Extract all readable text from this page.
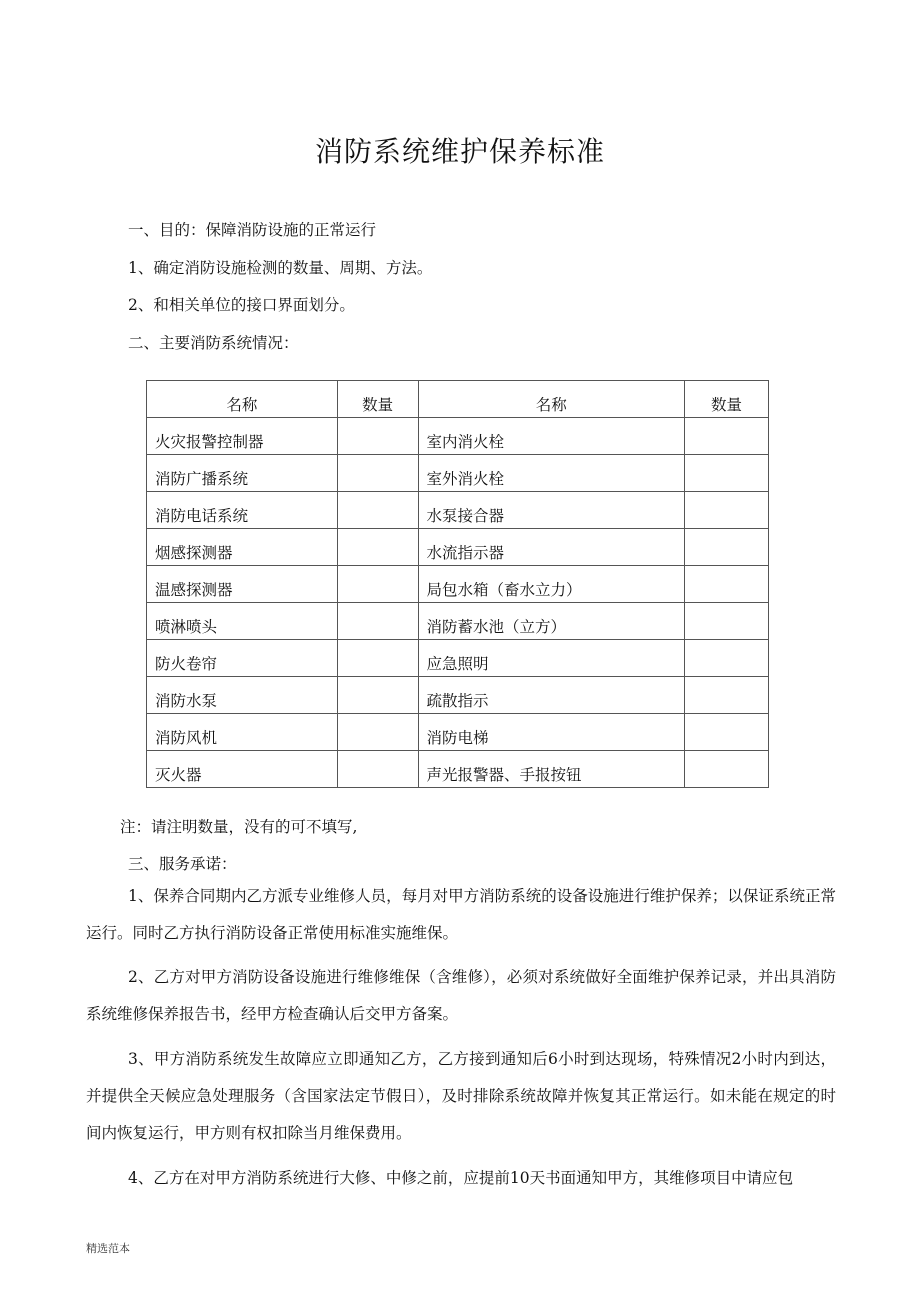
消防系统维护保养标准
一、目的：保障消防设施的正常运行
1、确定消防设施检测的数量、周期、方法。
2、和相关单位的接口界面划分。
二、主要消防系统情况：
名称	数量	名称	数量
火灾报警控制器		室内消火栓	
消防广播系统		室外消火栓	
消防电话系统		水泵接合器	
烟感探测器		水流指示器	
温感探测器		局包水箱（畜水立力）	
喷淋喷头		消防蓄水池（立方）	
防火卷帘		应急照明	
消防水泵		疏散指示	
消防风机		消防电梯	
灭火器		声光报警器、手报按钮	
注：请注明数量，没有的可不填写,
三、服务承诺：
1、保养合同期内乙方派专业维修人员，每月对甲方消防系统的设备设施进行维护保养；以保证系统正常运行。同时乙方执行消防设备正常使用标准实施维保。
2、乙方对甲方消防设备设施进行维修维保（含维修），必须对系统做好全面维护保养记录，并出具消防系统维修保养报告书，经甲方检查确认后交甲方备案。
3、甲方消防系统发生故障应立即通知乙方，乙方接到通知后6小时到达现场，特殊情况2小时内到达，并提供全天候应急处理服务（含国家法定节假日），及时排除系统故障并恢复其正常运行。如未能在规定的时间内恢复运行，甲方则有权扣除当月维保费用。
4、乙方在对甲方消防系统进行大修、中修之前，应提前10天书面通知甲方，其维修项目中请应包
精选范本
